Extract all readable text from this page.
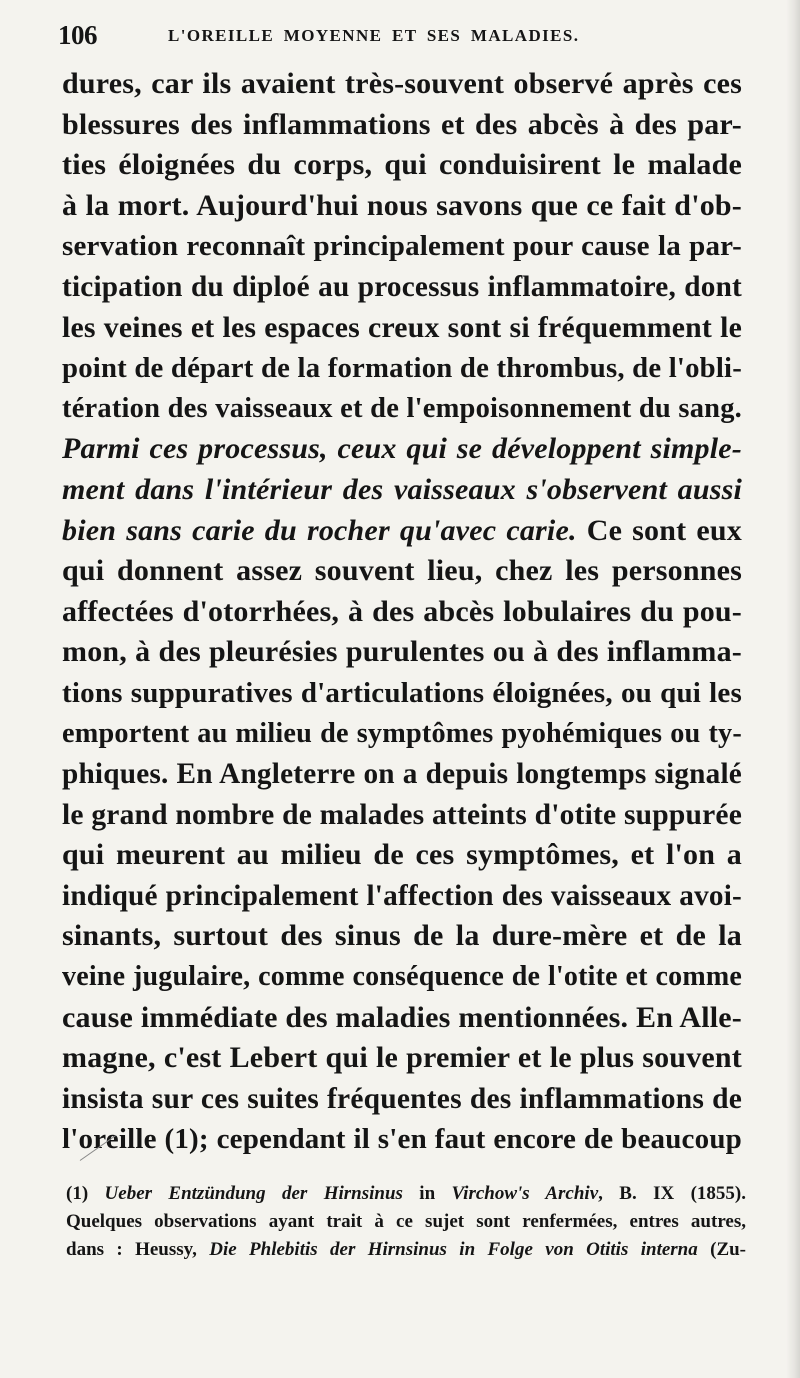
106	L'OREILLE MOYENNE ET SES MALADIES.
dures, car ils avaient très-souvent observé après ces
blessures des inflammations et des abcès à des par-
ties éloignées du corps, qui conduisirent le malade
à la mort. Aujourd'hui nous savons que ce fait d'ob-
servation reconnaît principalement pour cause la par-
ticipation du diploé au processus inflammatoire, dont
les veines et les espaces creux sont si fréquemment le
point de départ de la formation de thrombus, de l'obli-
tération des vaisseaux et de l'empoisonnement du sang.
Parmi ces processus, ceux qui se développent simple-
ment dans l'intérieur des vaisseaux s'observent aussi
bien sans carie du rocher qu'avec carie. Ce sont eux
qui donnent assez souvent lieu, chez les personnes
affectées d'otorrhées, à des abcès lobulaires du pou-
mon, à des pleurésies purulentes ou à des inflamma-
tions suppuratives d'articulations éloignées, ou qui les
emportent au milieu de symptômes pyohémiques ou ty-
phiques. En Angleterre on a depuis longtemps signalé
le grand nombre de malades atteints d'otite suppurée
qui meurent au milieu de ces symptômes, et l'on a
indiqué principalement l'affection des vaisseaux avoi-
sinants, surtout des sinus de la dure-mère et de la
veine jugulaire, comme conséquence de l'otite et comme
cause immédiate des maladies mentionnées. En Alle-
magne, c'est Lebert qui le premier et le plus souvent
insista sur ces suites fréquentes des inflammations de
l'oreille (1); cependant il s'en faut encore de beaucoup
(1) Ueber Entzündung der Hirnsinus in Virchow's Archiv, B. IX (1855).
Quelques observations ayant trait à ce sujet sont renfermées, entres autres,
dans : Heussy, Die Phlebitis der Hirnsinus in Folge von Otitis interna (Zu-
